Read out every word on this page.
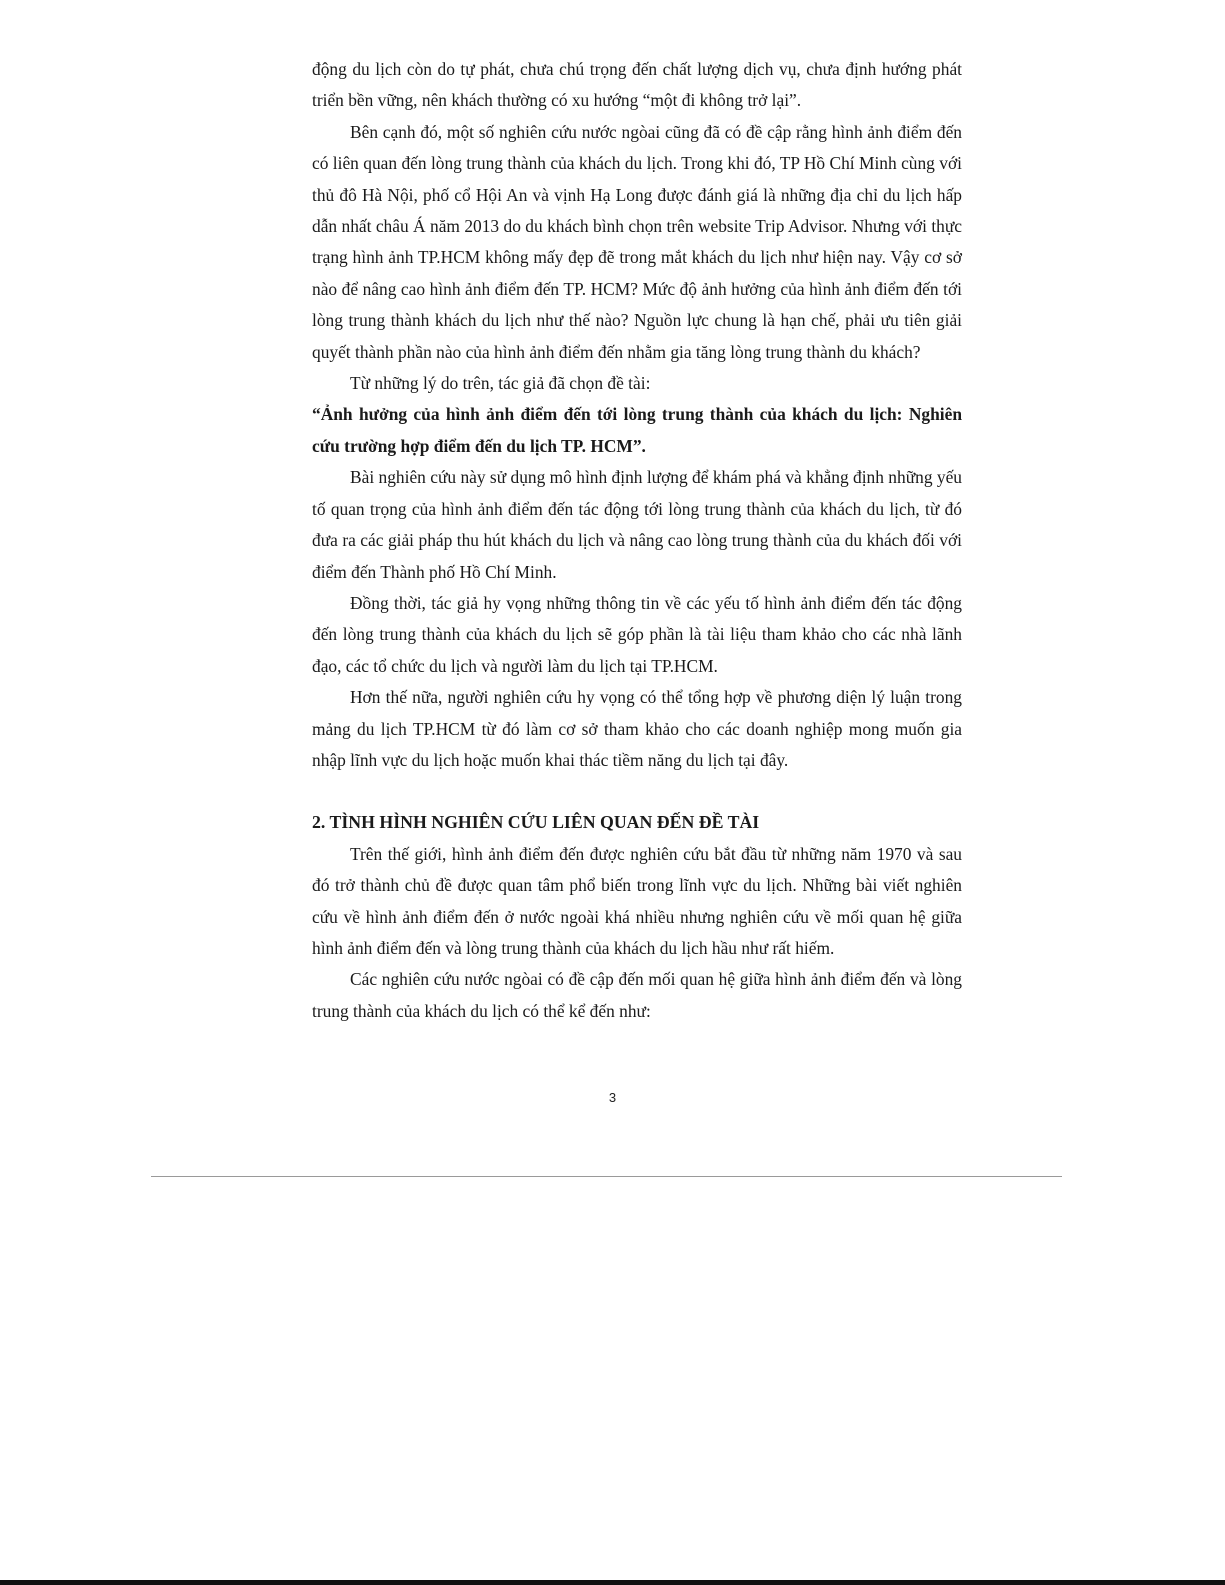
động du lịch còn do tự phát, chưa chú trọng đến chất lượng dịch vụ, chưa định hướng phát triển bền vững, nên khách thường có xu hướng “một đi không trở lại”.

Bên cạnh đó, một số nghiên cứu nước ngòai cũng đã có đề cập rằng hình ảnh điểm đến có liên quan đến lòng trung thành của khách du lịch. Trong khi đó, TP Hồ Chí Minh cùng với thủ đô Hà Nội, phố cổ Hội An và vịnh Hạ Long được đánh giá là những địa chỉ du lịch hấp dẫn nhất châu Á năm 2013 do du khách bình chọn trên website Trip Advisor. Nhưng với thực trạng hình ảnh TP.HCM không mấy đẹp đẽ trong mắt khách du lịch như hiện nay. Vậy cơ sở nào để nâng cao hình ảnh điểm đến TP. HCM? Mức độ ảnh hưởng của hình ảnh điểm đến tới lòng trung thành khách du lịch như thế nào? Nguồn lực chung là hạn chế, phải ưu tiên giải quyết thành phần nào của hình ảnh điểm đến nhằm gia tăng lòng trung thành du khách?

Từ những lý do trên, tác giả đã chọn đề tài:

“Ảnh hưởng của hình ảnh điểm đến tới lòng trung thành của khách du lịch: Nghiên cứu trường hợp điểm đến du lịch TP. HCM”.

Bài nghiên cứu này sử dụng mô hình định lượng để khám phá và khẳng định những yếu tố quan trọng của hình ảnh điểm đến tác động tới lòng trung thành của khách du lịch, từ đó đưa ra các giải pháp thu hút khách du lịch và nâng cao lòng trung thành của du khách đối với điểm đến Thành phố Hồ Chí Minh.

Đồng thời, tác giả hy vọng những thông tin về các yếu tố hình ảnh điểm đến tác động đến lòng trung thành của khách du lịch sẽ góp phần là tài liệu tham khảo cho các nhà lãnh đạo, các tổ chức du lịch và người làm du lịch tại TP.HCM.

Hơn thế nữa, người nghiên cứu hy vọng có thể tổng hợp về phương diện lý luận trong mảng du lịch TP.HCM từ đó làm cơ sở tham khảo cho các doanh nghiệp mong muốn gia nhập lĩnh vực du lịch hoặc muốn khai thác tiềm năng du lịch tại đây.

2. TÌNH HÌNH NGHIÊN CỨU LIÊN QUAN ĐẾN ĐỀ TÀI

Trên thế giới, hình ảnh điểm đến được nghiên cứu bắt đầu từ những năm 1970 và sau đó trở thành chủ đề được quan tâm phổ biến trong lĩnh vực du lịch. Những bài viết nghiên cứu về hình ảnh điểm đến ở nước ngoài khá nhiều nhưng nghiên cứu về mối quan hệ giữa hình ảnh điểm đến và lòng trung thành của khách du lịch hầu như rất hiếm.

Các nghiên cứu nước ngòai có đề cập đến mối quan hệ giữa hình ảnh điểm đến và lòng trung thành của khách du lịch có thể kể đến như:

3
